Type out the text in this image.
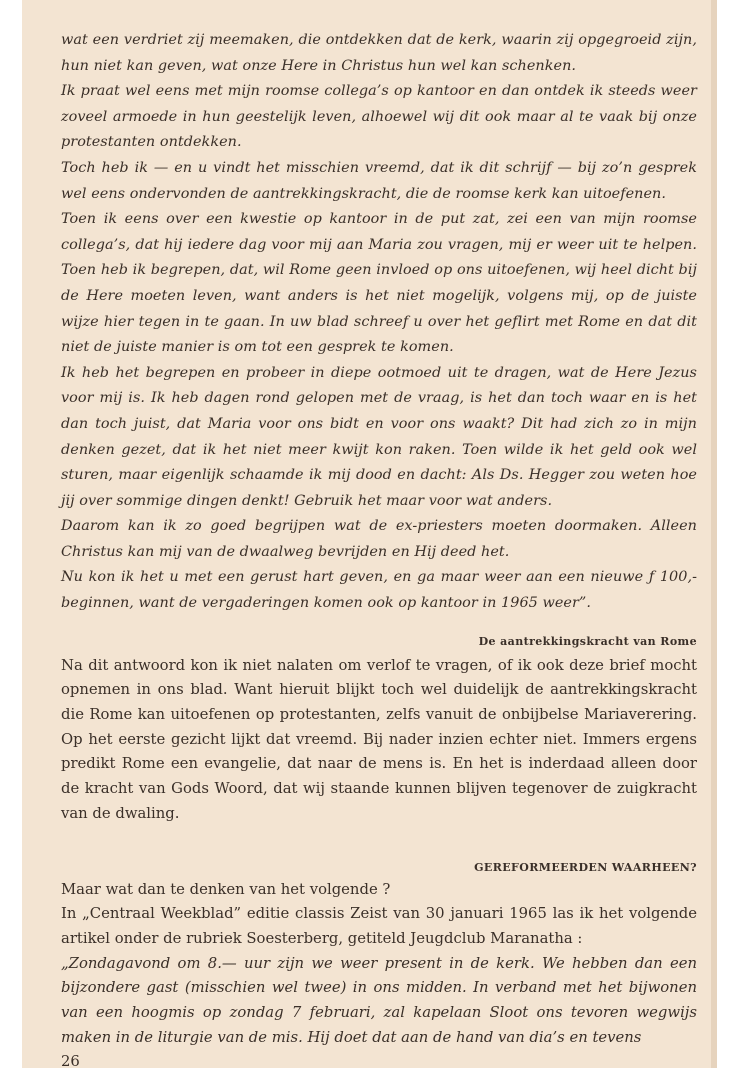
wat een verdriet zij meemaken, die ontdekken dat de kerk, waarin zij opgegroeid zijn, hun niet kan geven, wat onze Here in Christus hun wel kan schenken.

Ik praat wel eens met mijn roomse collega’s op kantoor en dan ontdek ik steeds weer zoveel armoede in hun geestelijk leven, alhoewel wij dit ook maar al te vaak bij onze protestanten ontdekken.

Toch heb ik — en u vindt het misschien vreemd, dat ik dit schrijf — bij zo’n gesprek wel eens ondervonden de aantrekkingskracht, die de roomse kerk kan uitoefenen.

Toen ik eens over een kwestie op kantoor in de put zat, zei een van mijn roomse collega’s, dat hij iedere dag voor mij aan Maria zou vragen, mij er weer uit te helpen. Toen heb ik begrepen, dat, wil Rome geen invloed op ons uitoefenen, wij heel dicht bij de Here moeten leven, want anders is het niet mogelijk, volgens mij, op de juiste wijze hier tegen in te gaan. In uw blad schreef u over het geflirt met Rome en dat dit niet de juiste manier is om tot een gesprek te komen.

Ik heb het begrepen en probeer in diepe ootmoed uit te dragen, wat de Here Jezus voor mij is. Ik heb dagen rond gelopen met de vraag, is het dan toch waar en is het dan toch juist, dat Maria voor ons bidt en voor ons waakt? Dit had zich zo in mijn denken gezet, dat ik het niet meer kwijt kon raken. Toen wilde ik het geld ook wel sturen, maar eigenlijk schaamde ik mij dood en dacht: Als Ds. Hegger zou weten hoe jij over sommige dingen denkt! Gebruik het maar voor wat anders.

Daarom kan ik zo goed begrijpen wat de ex-priesters moeten doormaken. Alleen Christus kan mij van de dwaalweg bevrijden en Hij deed het.

Nu kon ik het u met een gerust hart geven, en ga maar weer aan een nieuwe ƒ 100,- beginnen, want de vergaderingen komen ook op kantoor in 1965 weer”.

De aantrekkingskracht van Rome

Na dit antwoord kon ik niet nalaten om verlof te vragen, of ik ook deze brief mocht opnemen in ons blad. Want hieruit blijkt toch wel duidelijk de aantrekkingskracht die Rome kan uitoefenen op protestanten, zelfs vanuit de onbijbelse Mariaverering. Op het eerste gezicht lijkt dat vreemd. Bij nader inzien echter niet. Immers ergens predikt Rome een evangelie, dat naar de mens is. En het is inderdaad alleen door de kracht van Gods Woord, dat wij staande kunnen blijven tegenover de zuigkracht van de dwaling.

GEREFORMEERDEN WAARHEEN?

Maar wat dan te denken van het volgende ?

In „Centraal Weekblad” editie classis Zeist van 30 januari 1965 las ik het volgende artikel onder de rubriek Soesterberg, getiteld Jeugdclub Maranatha :
„Zondagavond om 8.— uur zijn we weer present in de kerk. We hebben dan een bijzondere gast (misschien wel twee) in ons midden. In verband met het bijwonen van een hoogmis op zondag 7 februari, zal kapelaan Sloot ons tevoren wegwijs maken in de liturgie van de mis. Hij doet dat aan de hand van dia’s en tevens

26
